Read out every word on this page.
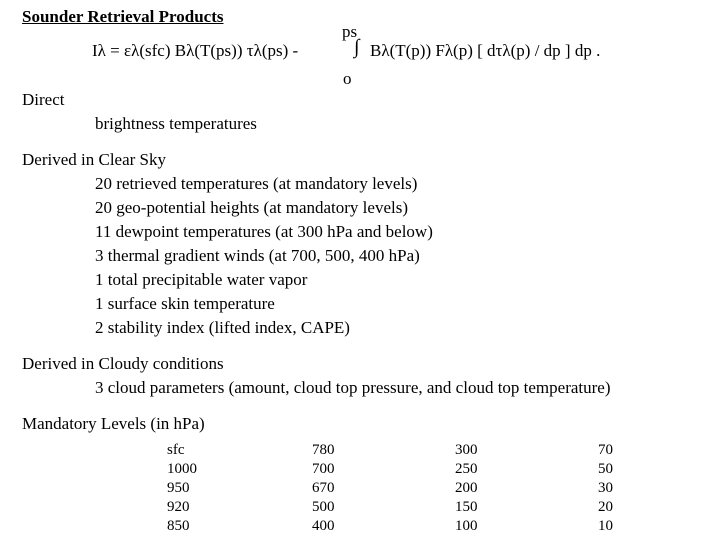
Sounder Retrieval Products
ps
Iλ = ελ(sfc) Bλ(T(ps)) τλ(ps) -	∫ Bλ(T(p)) Fλ(p) [ dτλ(p) / dp ] dp .
o
Direct
brightness temperatures
Derived in Clear Sky
20 retrieved temperatures (at mandatory levels)
20 geo-potential heights (at mandatory levels)
11 dewpoint temperatures (at 300 hPa and below)
3 thermal gradient winds (at 700, 500, 400 hPa)
1 total precipitable water vapor
1 surface skin temperature
2 stability index (lifted index, CAPE)
Derived in Cloudy conditions
3 cloud parameters (amount, cloud top pressure, and cloud top temperature)
Mandatory Levels (in hPa)
sfc
1000
950
920
850
780
700
670
500
400
300
250
200
150
100
70
50
30
20
10
